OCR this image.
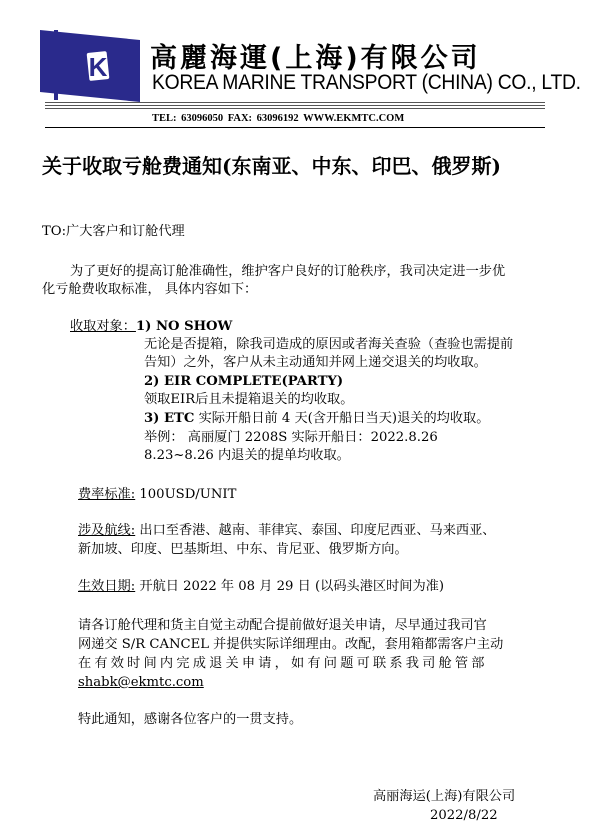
K 高麗海運(上海)有限公司
KOREA MARINE TRANSPORT (CHINA) CO., LTD.
TEL: 63096050 FAX: 63096192 WWW.EKMTC.COM
关于收取亏舱费通知(东南亚、中东、印巴、俄罗斯)
TO:广大客户和订舱代理
为了更好的提高订舱准确性，维护客户良好的订舱秩序，我司决定进一步优
化亏舱费收取标准， 具体内容如下：
收取对象：1) NO SHOW
无论是否提箱，除我司造成的原因或者海关查验（查验也需提前
告知）之外，客户从未主动通知并网上递交退关的均收取。
2) EIR COMPLETE(PARTY)
领取EIR后且未提箱退关的均收取。
3) ETC 实际开船日前 4 天(含开船日当天)退关的均收取。
举例： 高丽厦门 2208S 实际开船日：2022.8.26
8.23~8.26 内退关的提单均收取。
费率标准: 100USD/UNIT
涉及航线: 出口至香港、越南、菲律宾、泰国、印度尼西亚、马来西亚、
新加坡、印度、巴基斯坦、中东、肯尼亚、俄罗斯方向。
生效日期: 开航日 2022 年 08 月 29 日 (以码头港区时间为准)
请各订舱代理和货主自觉主动配合提前做好退关申请，尽早通过我司官
网递交 S/R CANCEL 并提供实际详细理由。改配，套用箱都需客户主动
在有效时间内完成退关申请，如有问题可联系我司舱管部
shabk@ekmtc.com
特此通知，感谢各位客户的一贯支持。
高丽海运(上海)有限公司
2022/8/22
